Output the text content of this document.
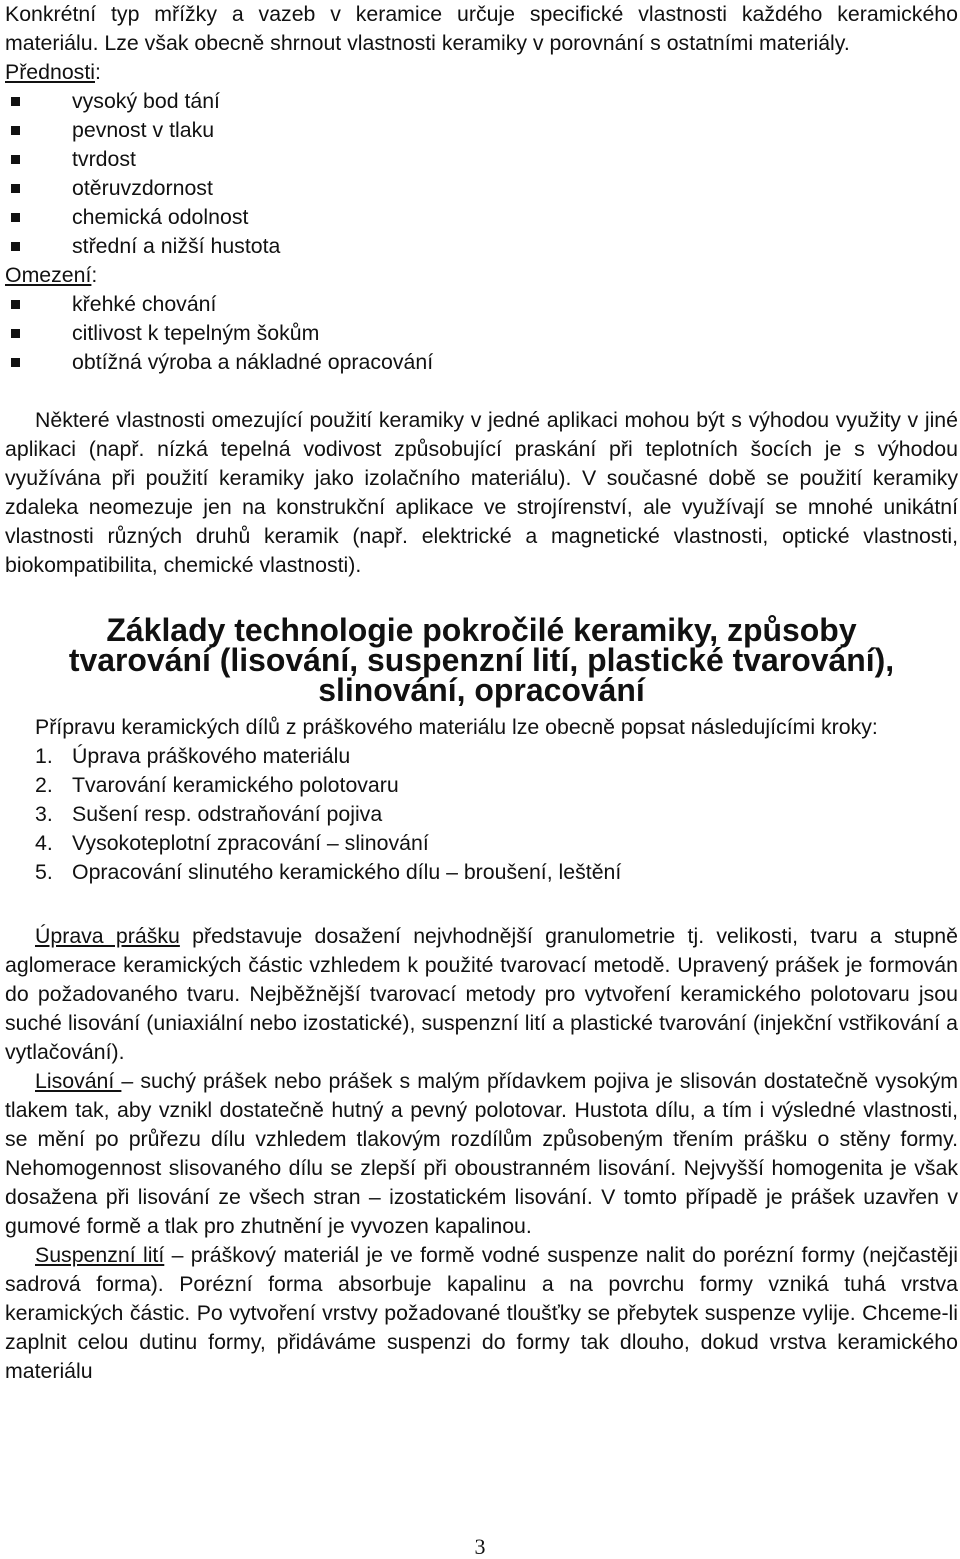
Konkrétní typ mřížky a vazeb v keramice určuje specifické vlastnosti každého keramického materiálu. Lze však obecně shrnout vlastnosti keramiky v porovnání s ostatními materiály.

Přednosti:
vysoký bod tání
pevnost v tlaku
tvrdost
otěruvzdornost
chemická odolnost
střední a nižší hustota
Omezení:
křehké chování
citlivost k tepelným šokům
obtížná výroba a nákladné opracování

Některé vlastnosti omezující použití keramiky v jedné aplikaci mohou být s výhodou využity v jiné aplikaci (např. nízká tepelná vodivost způsobující praskání při teplotních šocích je s výhodou využívána při použití keramiky jako izolačního materiálu). V současné době se použití keramiky zdaleka neomezuje jen na konstrukční aplikace ve strojírenství, ale využívají se mnohé unikátní vlastnosti různých druhů keramik (např. elektrické a magnetické vlastnosti, optické vlastnosti, biokompatibilita, chemické vlastnosti).

Základy technologie pokročilé keramiky, způsoby tvarování (lisování, suspenzní lití, plastické tvarování), slinování, opracování

Přípravu keramických dílů z práškového materiálu lze obecně popsat následujícími kroky:

1. Úprava práškového materiálu
2. Tvarování keramického polotovaru
3. Sušení resp. odstraňování pojiva
4. Vysokoteplotní zpracování – slinování
5. Opracování slinutého keramického dílu – broušení, leštění

Úprava prášku představuje dosažení nejvhodnější granulometrie tj. velikosti, tvaru a stupně aglomerace keramických částic vzhledem k použité tvarovací metodě. Upravený prášek je formován do požadovaného tvaru. Nejběžnější tvarovací metody pro vytvoření keramického polotovaru jsou suché lisování (uniaxiální nebo izostatické), suspenzní lití a plastické tvarování (injekční vstřikování a vytlačování).

Lisování – suchý prášek nebo prášek s malým přídavkem pojiva je slisován dostatečně vysokým tlakem tak, aby vznikl dostatečně hutný a pevný polotovar. Hustota dílu, a tím i výsledné vlastnosti, se mění po průřezu dílu vzhledem tlakovým rozdílům způsobeným třením prášku o stěny formy. Nehomogennost slisovaného dílu se zlepší při oboustranném lisování. Nejvyšší homogenita je však dosažena při lisování ze všech stran – izostatickém lisování. V tomto případě je prášek uzavřen v gumové formě a tlak pro zhutnění je vyvozen kapalinou.

Suspenzní lití – práškový materiál je ve formě vodné suspenze nalit do porézní formy (nejčastěji sadrová forma). Porézní forma absorbuje kapalinu a na povrchu formy vzniká tuhá vrstva keramických částic. Po vytvoření vrstvy požadované tloušťky se přebytek suspenze vylije. Chceme-li zaplnit celou dutinu formy, přidáváme suspenzi do formy tak dlouho, dokud vrstva keramického materiálu

3
